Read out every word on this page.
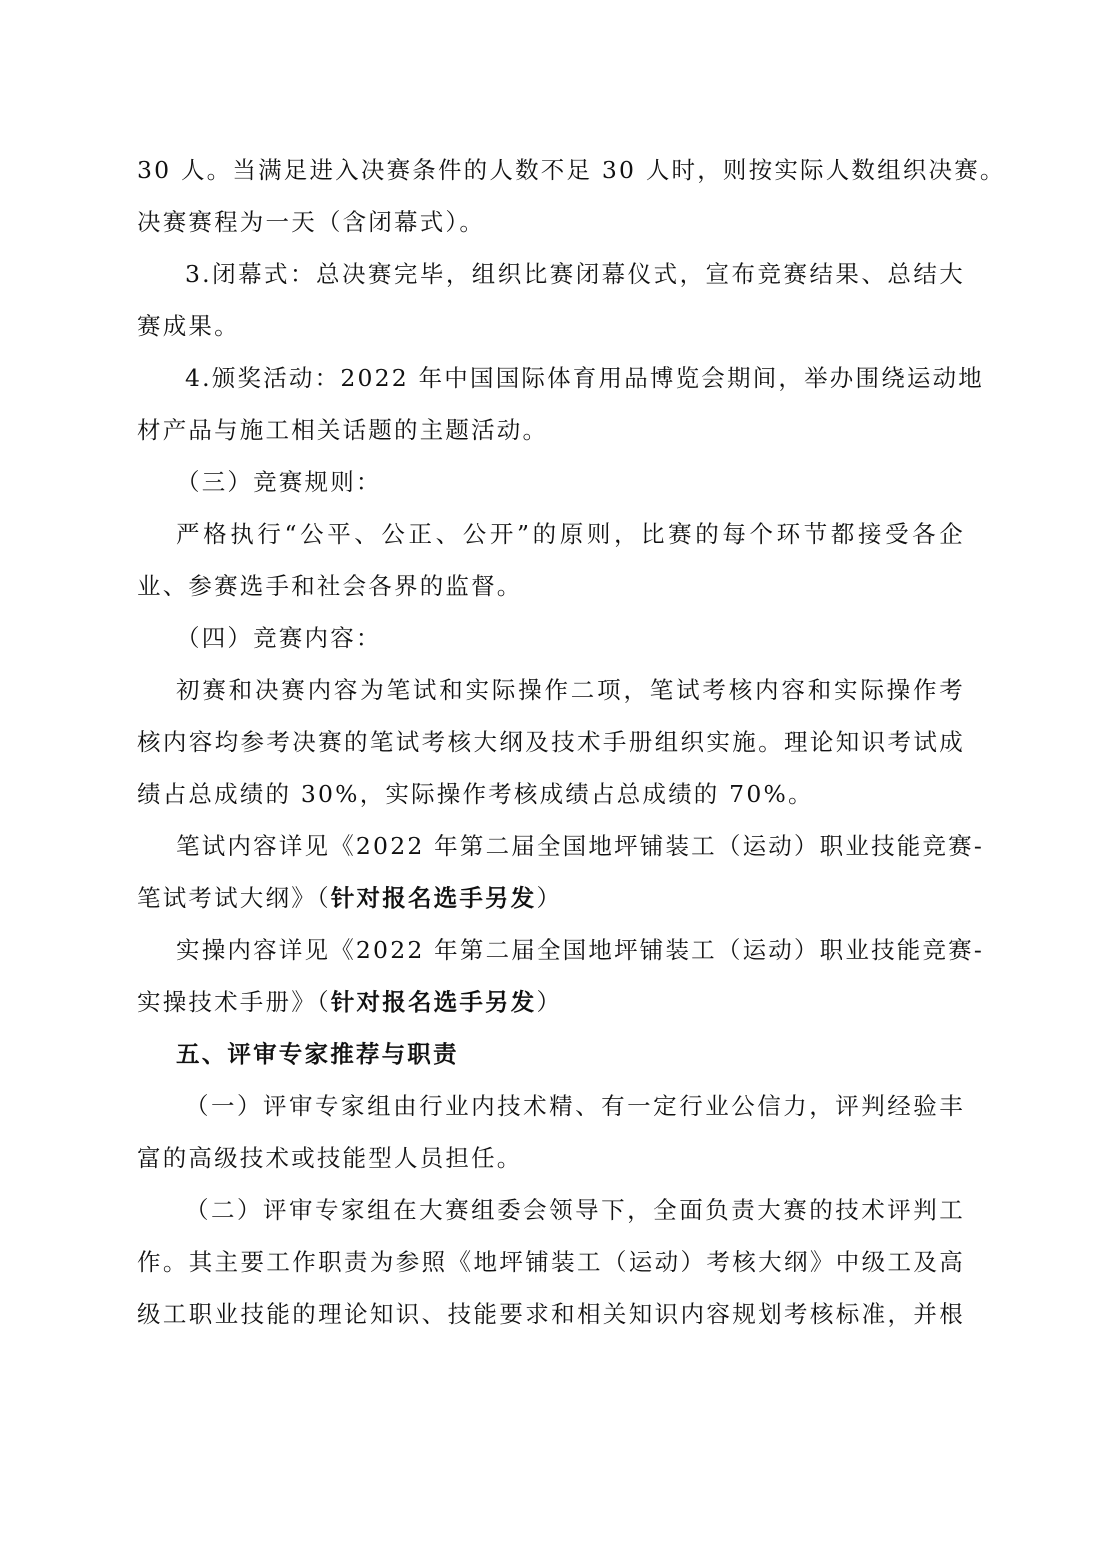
30 人。当满足进入决赛条件的人数不足 30 人时，则按实际人数组织决赛。
决赛赛程为一天（含闭幕式）。
3.闭幕式：总决赛完毕，组织比赛闭幕仪式，宣布竞赛结果、总结大
赛成果。
4.颁奖活动：2022 年中国国际体育用品博览会期间，举办围绕运动地
材产品与施工相关话题的主题活动。
（三）竞赛规则：
严格执行“公平、公正、公开”的原则，比赛的每个环节都接受各企
业、参赛选手和社会各界的监督。
（四）竞赛内容：
初赛和决赛内容为笔试和实际操作二项，笔试考核内容和实际操作考
核内容均参考决赛的笔试考核大纲及技术手册组织实施。理论知识考试成
绩占总成绩的 30%，实际操作考核成绩占总成绩的 70%。
笔试内容详见《2022 年第二届全国地坪铺装工（运动）职业技能竞赛-
笔试考试大纲》（针对报名选手另发）
实操内容详见《2022 年第二届全国地坪铺装工（运动）职业技能竞赛-
实操技术手册》（针对报名选手另发）
五、评审专家推荐与职责
（一）评审专家组由行业内技术精、有一定行业公信力，评判经验丰
富的高级技术或技能型人员担任。
（二）评审专家组在大赛组委会领导下，全面负责大赛的技术评判工
作。其主要工作职责为参照《地坪铺装工（运动）考核大纲》中级工及高
级工职业技能的理论知识、技能要求和相关知识内容规划考核标准，并根
